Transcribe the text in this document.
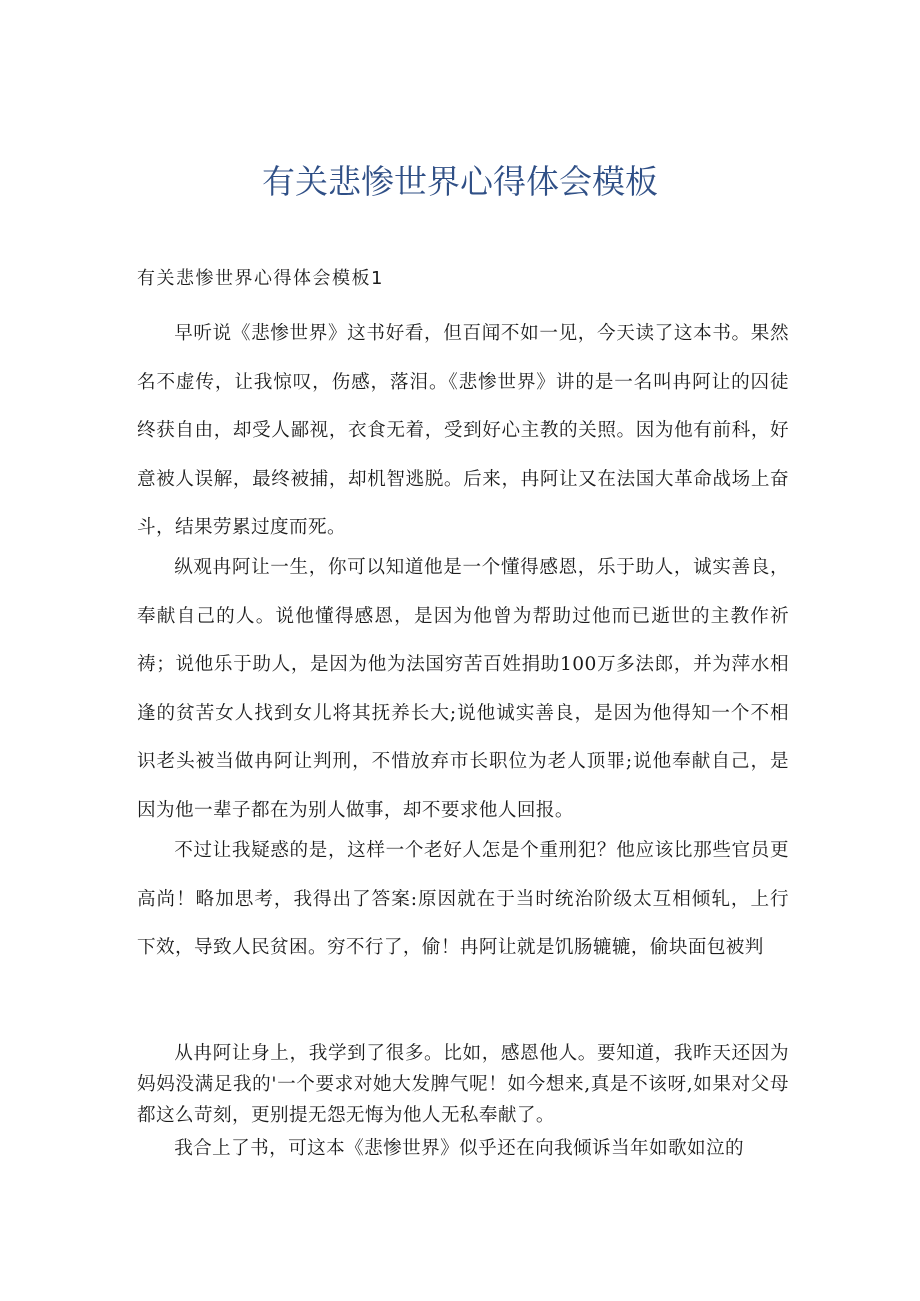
有关悲惨世界心得体会模板
有关悲惨世界心得体会模板1

早听说《悲惨世界》这书好看，但百闻不如一见，今天读了这本书。果然名不虚传，让我惊叹，伤感，落泪。《悲惨世界》讲的是一名叫冉阿让的囚徒终获自由，却受人鄙视，衣食无着，受到好心主教的关照。因为他有前科，好意被人误解，最终被捕，却机智逃脱。后来，冉阿让又在法国大革命战场上奋斗，结果劳累过度而死。

纵观冉阿让一生，你可以知道他是一个懂得感恩，乐于助人，诚实善良，奉献自己的人。说他懂得感恩，是因为他曾为帮助过他而已逝世的主教作祈祷；说他乐于助人，是因为他为法国穷苦百姓捐助100万多法郎，并为萍水相逢的贫苦女人找到女儿将其抚养长大;说他诚实善良，是因为他得知一个不相识老头被当做冉阿让判刑，不惜放弃市长职位为老人顶罪;说他奉献自己，是因为他一辈子都在为别人做事，却不要求他人回报。

不过让我疑惑的是，这样一个老好人怎是个重刑犯？他应该比那些官员更高尚！略加思考，我得出了答案:原因就在于当时统治阶级太互相倾轧，上行下效，导致人民贫困。穷不行了，偷！冉阿让就是饥肠辘辘，偷块面包被判

从冉阿让身上，我学到了很多。比如，感恩他人。要知道，我昨天还因为妈妈没满足我的'一个要求对她大发脾气呢！如今想来,真是不该呀,如果对父母都这么苛刻，更别提无怨无悔为他人无私奉献了。

我合上了书，可这本《悲惨世界》似乎还在向我倾诉当年如歌如泣的
